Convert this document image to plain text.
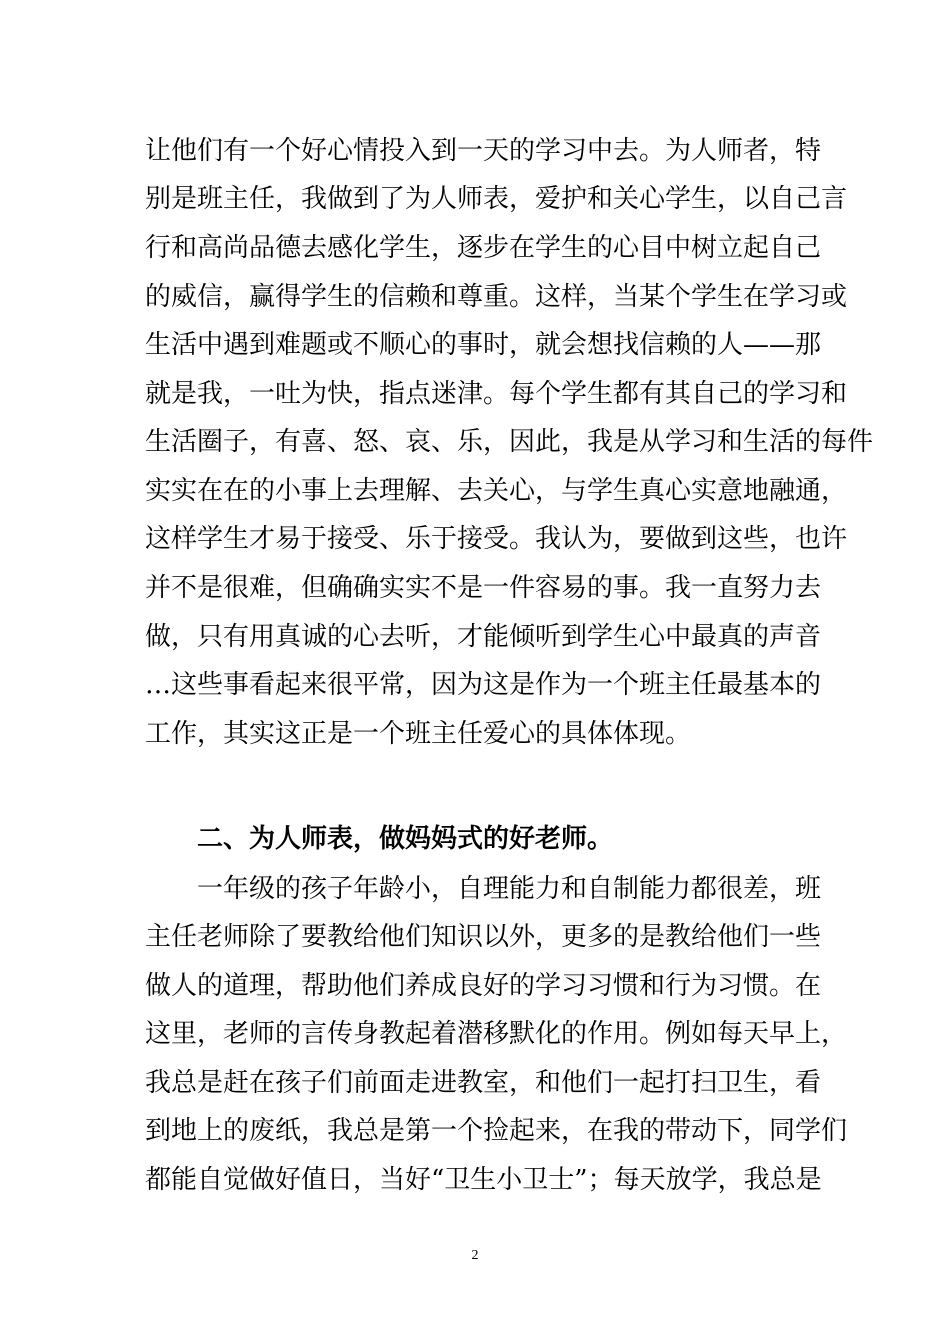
让他们有一个好心情投入到一天的学习中去。为人师者，特
别是班主任，我做到了为人师表，爱护和关心学生，以自己言
行和高尚品德去感化学生，逐步在学生的心目中树立起自己
的威信，赢得学生的信赖和尊重。这样，当某个学生在学习或
生活中遇到难题或不顺心的事时，就会想找信赖的人——那
就是我，一吐为快，指点迷津。每个学生都有其自己的学习和
生活圈子，有喜、怒、哀、乐，因此，我是从学习和生活的每件
实实在在的小事上去理解、去关心，与学生真心实意地融通，
这样学生才易于接受、乐于接受。我认为，要做到这些，也许
并不是很难，但确确实实不是一件容易的事。我一直努力去
做，只有用真诚的心去听，才能倾听到学生心中最真的声音
…这些事看起来很平常，因为这是作为一个班主任最基本的
工作，其实这正是一个班主任爱心的具体体现。
二、为人师表，做妈妈式的好老师。
一年级的孩子年龄小，自理能力和自制能力都很差，班
主任老师除了要教给他们知识以外，更多的是教给他们一些
做人的道理，帮助他们养成良好的学习习惯和行为习惯。在
这里，老师的言传身教起着潜移默化的作用。例如每天早上，
我总是赶在孩子们前面走进教室，和他们一起打扫卫生，看
到地上的废纸，我总是第一个捡起来，在我的带动下，同学们
都能自觉做好值日，当好“卫生小卫士”；每天放学，我总是
2
